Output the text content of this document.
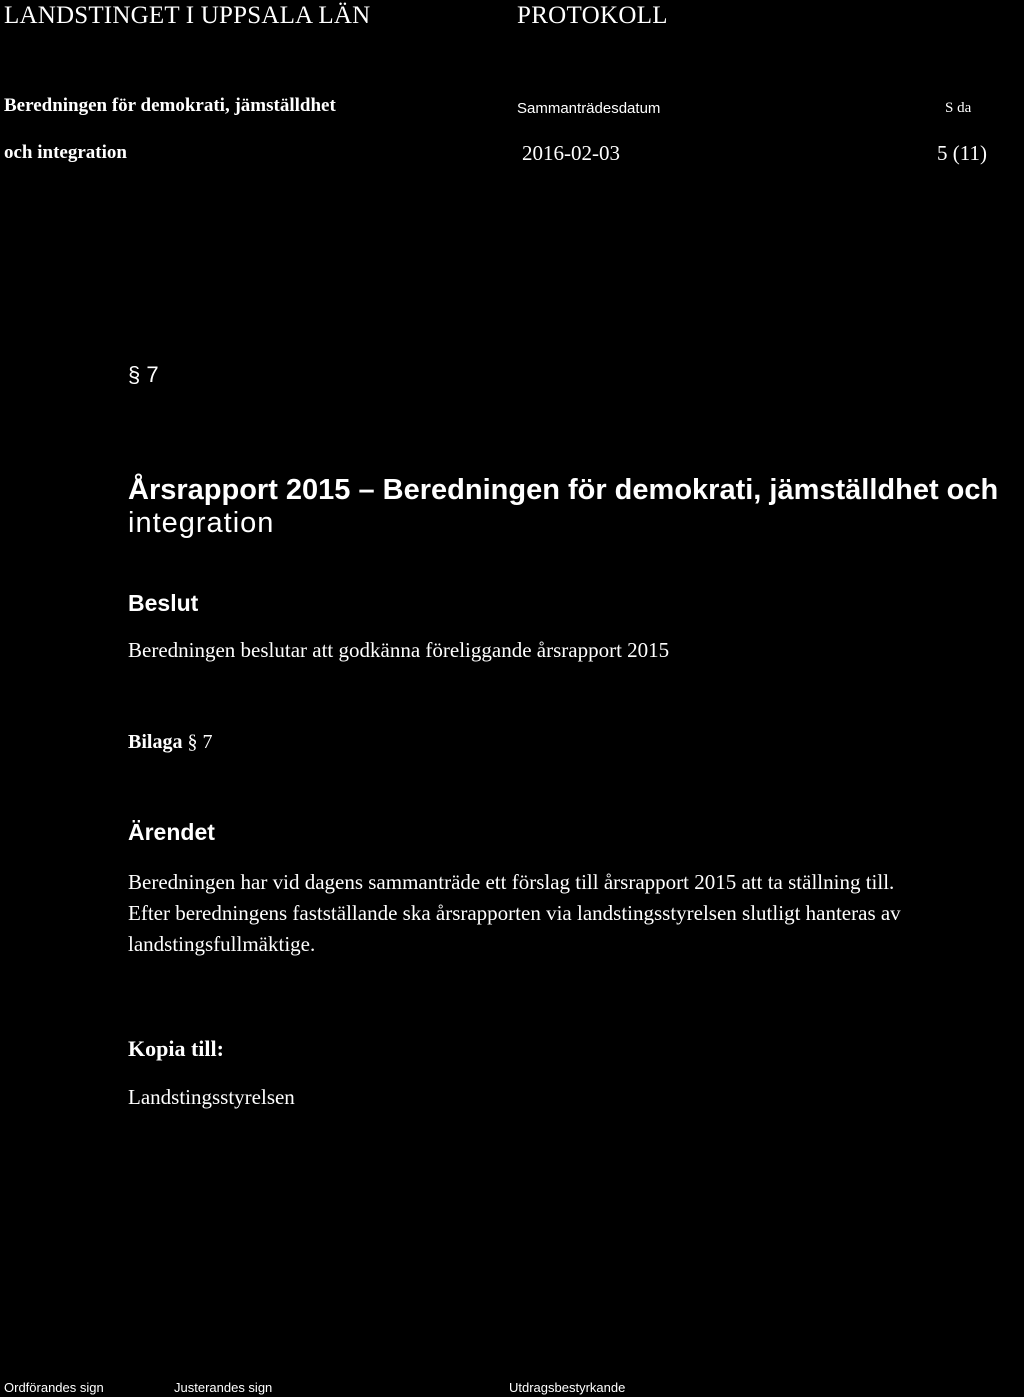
LANDSTINGET I UPPSALA LÄN	PROTOKOLL
Beredningen för demokrati, jämställdhet
och integration
Sammanträdesdatum
2016-02-03
S da
5 (11)
§ 7
Årsrapport 2015 – Beredningen för demokrati, jämställdhet och
integration
Beslut
Beredningen beslutar att godkänna föreliggande årsrapport 2015
Bilaga § 7
Ärendet
Beredningen har vid dagens sammanträde ett förslag till årsrapport 2015 att ta ställning till.
Efter beredningens fastställande ska årsrapporten via landstingsstyrelsen slutligt hanteras av
landstingsfullmäktige.
Kopia till:
Landstingsstyrelsen
Ordförandes sign	Justerandes sign	Utdragsbestyrkande
